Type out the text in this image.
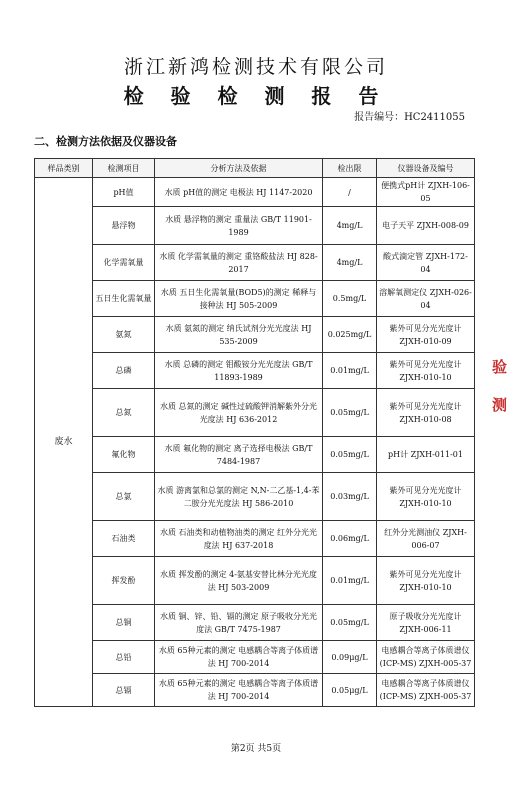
浙江新鸿检测技术有限公司
检 验 检 测 报 告
报告编号：HC2411055
二、检测方法依据及仪器设备
样品类别	检测项目	分析方法及依据	检出限	仪器设备及编号
废水	pH值	水质 pH值的测定 电极法 HJ 1147-2020	/	便携式pH计 ZJXH-106-05
	悬浮物	水质 悬浮物的测定 重量法 GB/T 11901-1989	4mg/L	电子天平 ZJXH-008-09
	化学需氧量	水质 化学需氧量的测定 重铬酸盐法 HJ 828-2017	4mg/L	酸式滴定管 ZJXH-172-04
	五日生化需氧量	水质 五日生化需氧量(BOD5)的测定 稀释与接种法 HJ 505-2009	0.5mg/L	溶解氧测定仪 ZJXH-026-04
	氨氮	水质 氨氮的测定 纳氏试剂分光光度法 HJ 535-2009	0.025mg/L	紫外可见分光光度计 ZJXH-010-09
	总磷	水质 总磷的测定 钼酸铵分光光度法 GB/T 11893-1989	0.01mg/L	紫外可见分光光度计 ZJXH-010-10
	总氮	水质 总氮的测定 碱性过硫酸钾消解紫外分光光度法 HJ 636-2012	0.05mg/L	紫外可见分光光度计 ZJXH-010-08
	氟化物	水质 氟化物的测定 离子选择电极法 GB/T 7484-1987	0.05mg/L	pH计 ZJXH-011-01
	总氯	水质 游离氯和总氯的测定 N,N-二乙基-1,4-苯二胺分光光度法 HJ 586-2010	0.03mg/L	紫外可见分光光度计 ZJXH-010-10
	石油类	水质 石油类和动植物油类的测定 红外分光光度法 HJ 637-2018	0.06mg/L	红外分光测油仪 ZJXH-006-07
	挥发酚	水质 挥发酚的测定 4-氨基安替比林分光光度法 HJ 503-2009	0.01mg/L	紫外可见分光光度计 ZJXH-010-10
	总铜	水质 铜、锌、铅、镉的测定 原子吸收分光光度法 GB/T 7475-1987	0.05mg/L	原子吸收分光光度计 ZJXH-006-11
	总铅	水质 65种元素的测定 电感耦合等离子体质谱法 HJ 700-2014	0.09μg/L	电感耦合等离子体质谱仪(ICP-MS) ZJXH-005-37
	总镉	水质 65种元素的测定 电感耦合等离子体质谱法 HJ 700-2014	0.05μg/L	电感耦合等离子体质谱仪(ICP-MS) ZJXH-005-37
验测
第2页 共5页
